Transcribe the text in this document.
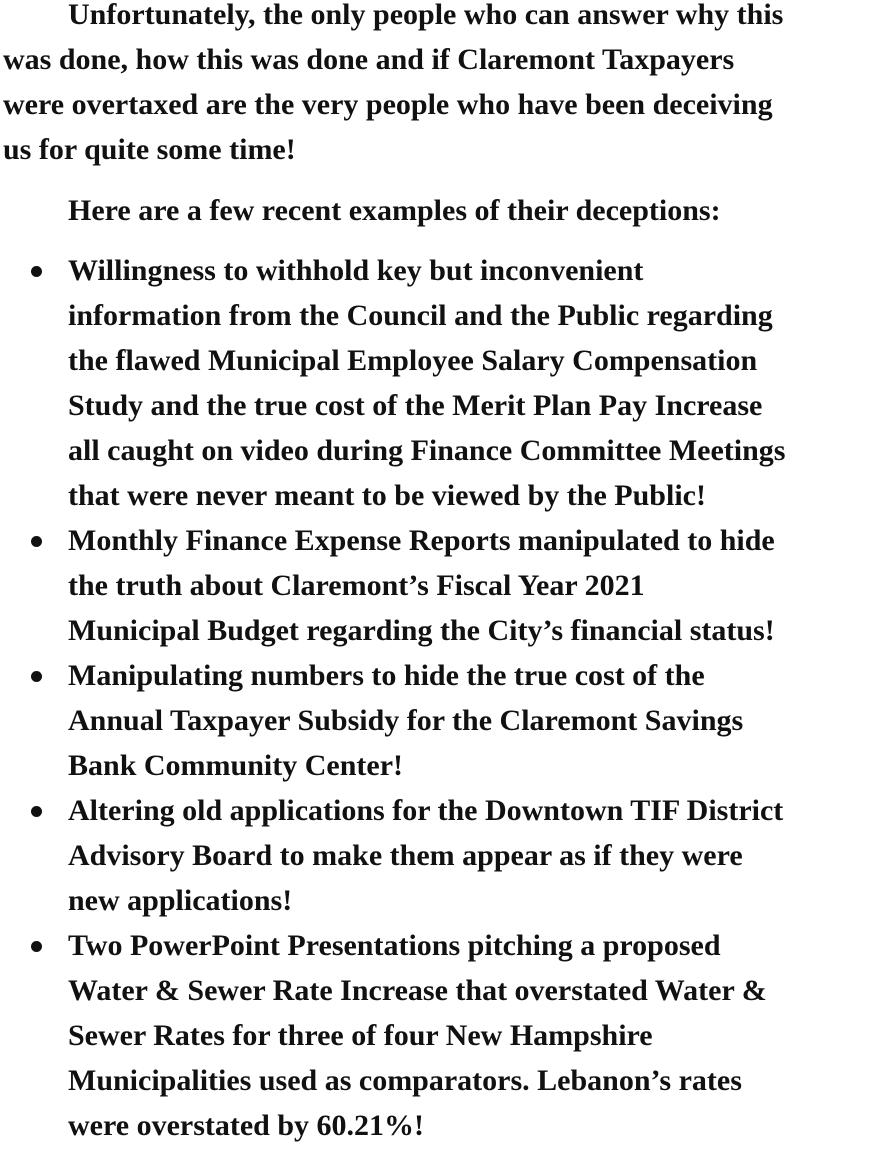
Unfortunately, the only people who can answer why this
was done, how this was done and if Claremont Taxpayers
were overtaxed are the very people who have been deceiving
us for quite some time!
Here are a few recent examples of their deceptions:
Willingness to withhold key but inconvenient
information from the Council and the Public regarding
the flawed Municipal Employee Salary Compensation
Study and the true cost of the Merit Plan Pay Increase
all caught on video during Finance Committee Meetings
that were never meant to be viewed by the Public!
Monthly Finance Expense Reports manipulated to hide
the truth about Claremont’s Fiscal Year 2021
Municipal Budget regarding the City’s financial status!
Manipulating numbers to hide the true cost of the
Annual Taxpayer Subsidy for the Claremont Savings
Bank Community Center!
Altering old applications for the Downtown TIF District
Advisory Board to make them appear as if they were
new applications!
Two PowerPoint Presentations pitching a proposed
Water & Sewer Rate Increase that overstated Water &
Sewer Rates for three of four New Hampshire
Municipalities used as comparators. Lebanon’s rates
were overstated by 60.21%!
